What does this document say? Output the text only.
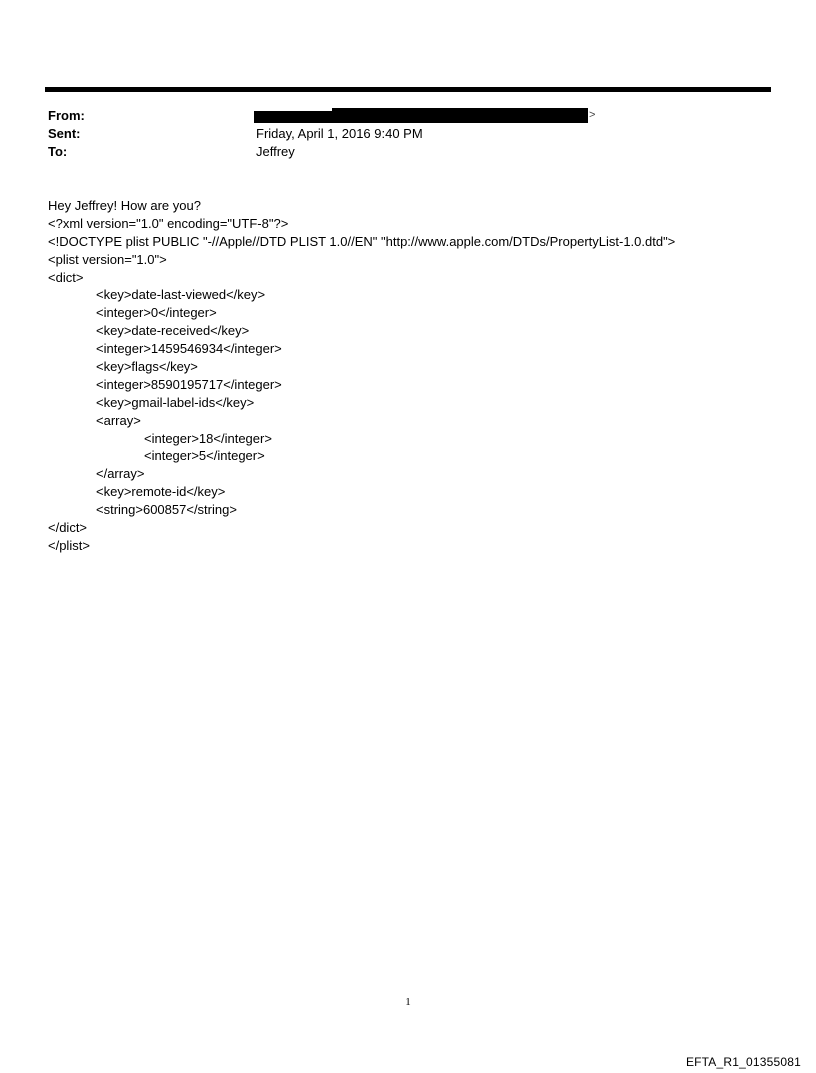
From:	>
Sent:	Friday, April 1, 2016 9:40 PM
To:	Jeffrey
Hey Jeffrey! How are you?
<?xml version="1.0" encoding="UTF-8"?>
<!DOCTYPE plist PUBLIC "-//Apple//DTD PLIST 1.0//EN" "http://www.apple.com/DTDs/PropertyList-1.0.dtd">
<plist version="1.0">
<dict>
<key>date-last-viewed</key>
<integer>0</integer>
<key>date-received</key>
<integer>1459546934</integer>
<key>flags</key>
<integer>8590195717</integer>
<key>gmail-label-ids</key>
<array>
<integer>18</integer>
<integer>5</integer>
</array>
<key>remote-id</key>
<string>600857</string>
</dict>
</plist>
1
EFTA_R1_01355081
